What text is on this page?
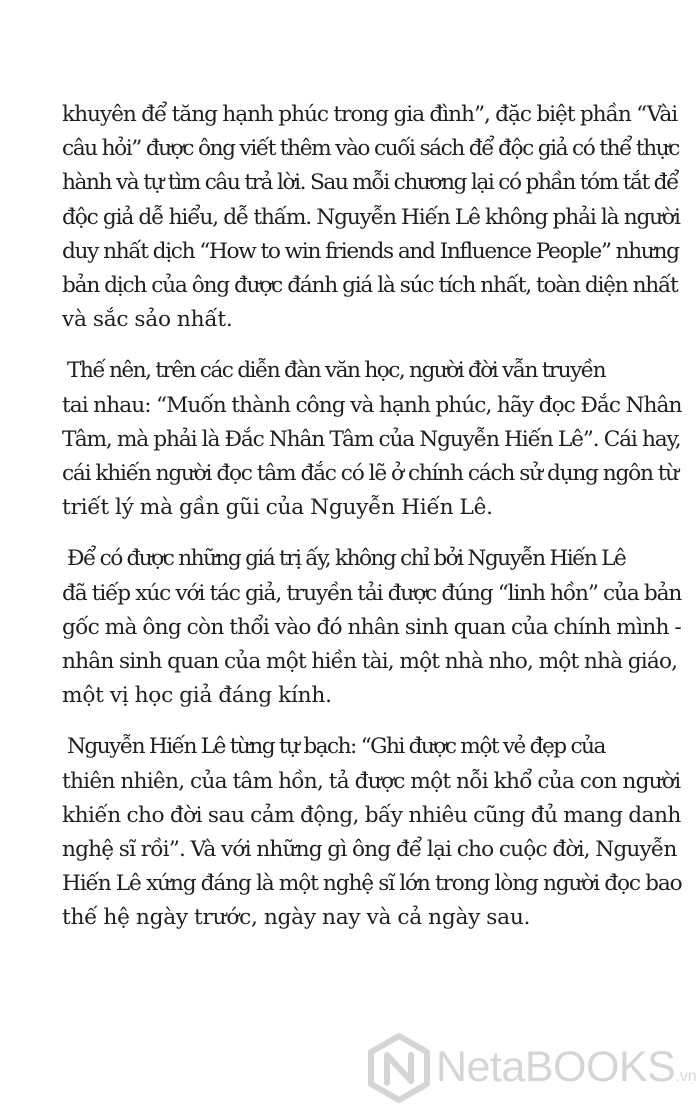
khuyên để tăng hạnh phúc trong gia đình”, đặc biệt phần “Vài
câu hỏi” được ông viết thêm vào cuối sách để độc giả có thể thực
hành và tự tìm câu trả lời. Sau mỗi chương lại có phần tóm tắt để
độc giả dễ hiểu, dễ thấm. Nguyễn Hiến Lê không phải là người
duy nhất dịch “How to win friends and Influence People” nhưng
bản dịch của ông được đánh giá là súc tích nhất, toàn diện nhất
và sắc sảo nhất.

Thế nên, trên các diễn đàn văn học, người đời vẫn truyền
tai nhau: “Muốn thành công và hạnh phúc, hãy đọc Đắc Nhân
Tâm, mà phải là Đắc Nhân Tâm của Nguyễn Hiến Lê”. Cái hay,
cái khiến người đọc tâm đắc có lẽ ở chính cách sử dụng ngôn từ
triết lý mà gần gũi của Nguyễn Hiến Lê.

Để có được những giá trị ấy, không chỉ bởi Nguyễn Hiến Lê
đã tiếp xúc với tác giả, truyền tải được đúng “linh hồn” của bản
gốc mà ông còn thổi vào đó nhân sinh quan của chính mình -
nhân sinh quan của một hiền tài, một nhà nho, một nhà giáo,
một vị học giả đáng kính.

Nguyễn Hiến Lê từng tự bạch: “Ghi được một vẻ đẹp của
thiên nhiên, của tâm hồn, tả được một nỗi khổ của con người
khiến cho đời sau cảm động, bấy nhiêu cũng đủ mang danh
nghệ sĩ rồi”. Và với những gì ông để lại cho cuộc đời, Nguyễn
Hiến Lê xứng đáng là một nghệ sĩ lớn trong lòng người đọc bao
thế hệ ngày trước, ngày nay và cả ngày sau.

NetaBOOKS.vn
